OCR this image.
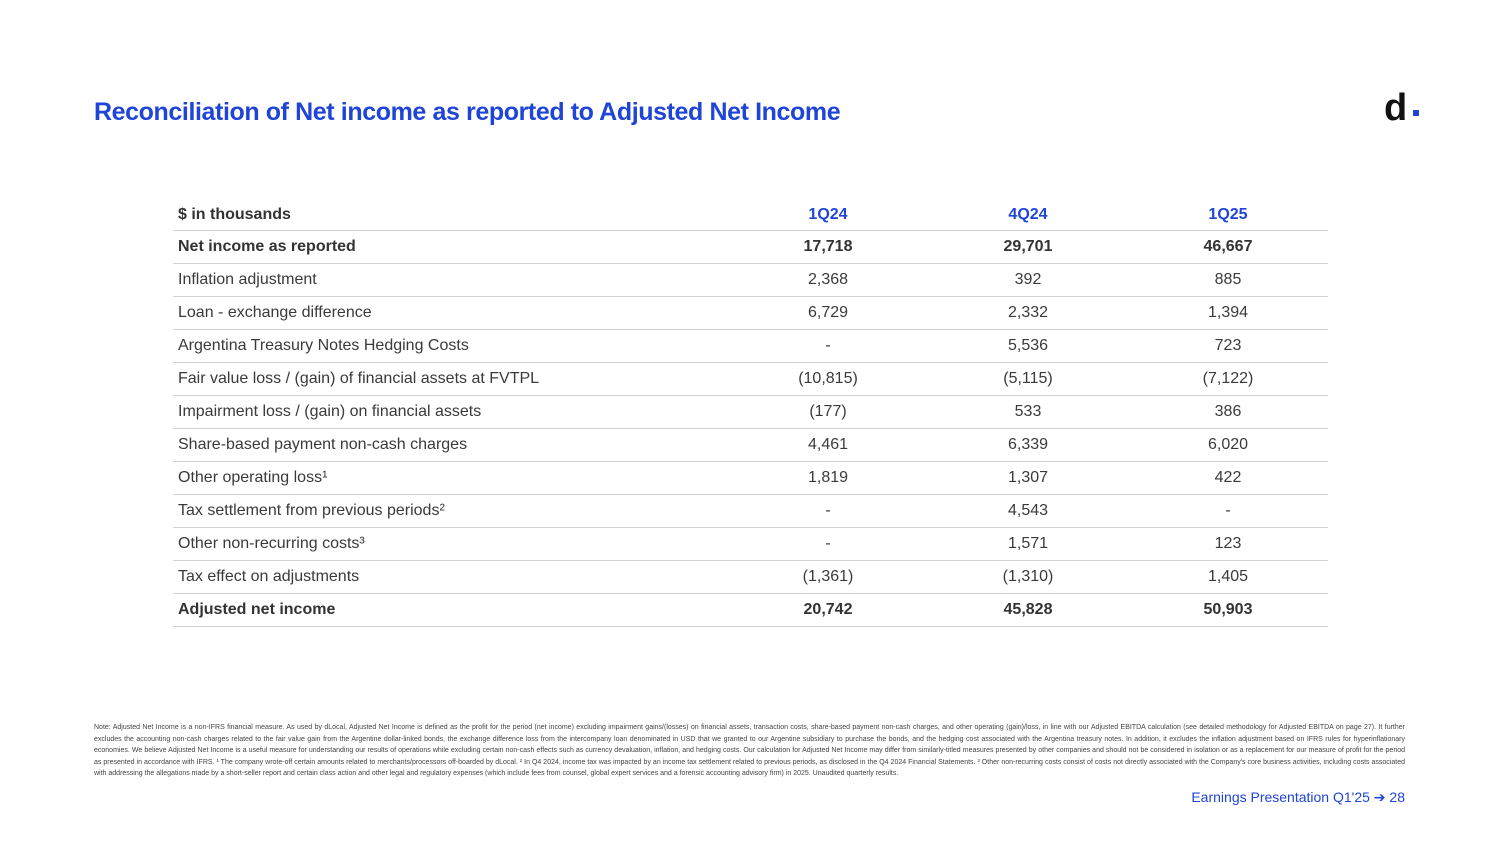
Reconciliation of Net income as reported to Adjusted Net Income	d
$ in thousands	1Q24	4Q24	1Q25
Net income as reported	17,718	29,701	46,667
Inflation adjustment	2,368	392	885
Loan - exchange difference	6,729	2,332	1,394
Argentina Treasury Notes Hedging Costs	-	5,536	723
Fair value loss / (gain) of financial assets at FVTPL	(10,815)	(5,115)	(7,122)
Impairment loss / (gain) on financial assets	(177)	533	386
Share-based payment non-cash charges	4,461	6,339	6,020
Other operating loss¹	1,819	1,307	422
Tax settlement from previous periods²	-	4,543	-
Other non-recurring costs³	-	1,571	123
Tax effect on adjustments	(1,361)	(1,310)	1,405
Adjusted net income	20,742	45,828	50,903

Note: Adjusted Net Income is a non-IFRS financial measure. As used by dLocal, Adjusted Net Income is defined as the profit for the period (net income) excluding impairment gains/(losses) on financial assets, transaction costs, share-based payment non-cash charges, and other operating (gain)/loss, in line with our Adjusted EBITDA calculation (see detailed methodology for Adjusted EBITDA on page 27). It further excludes the accounting non-cash charges related to the fair value gain from the Argentine dollar-linked bonds, the exchange difference loss from the intercompany loan denominated in USD that we granted to our Argentine subsidiary to purchase the bonds, and the hedging cost associated with the Argentina treasury notes. In addition, it excludes the inflation adjustment based on IFRS rules for hyperinflationary economies. We believe Adjusted Net Income is a useful measure for understanding our results of operations while excluding certain non-cash effects such as currency devaluation, inflation, and hedging costs. Our calculation for Adjusted Net Income may differ from similarly-titled measures presented by other companies and should not be considered in isolation or as a replacement for our measure of profit for the period as presented in accordance with IFRS. ¹ The company wrote-off certain amounts related to merchants/processors off-boarded by dLocal. ² In Q4 2024, income tax was impacted by an income tax settlement related to previous periods, as disclosed in the Q4 2024 Financial Statements. ³ Other non-recurring costs consist of costs not directly associated with the Company's core business activities, including costs associated with addressing the allegations made by a short-seller report and certain class action and other legal and regulatory expenses (which include fees from counsel, global expert services and a forensic accounting advisory firm) in 2025. Unaudited quarterly results.

Earnings Presentation Q1'25 ➔ 28
